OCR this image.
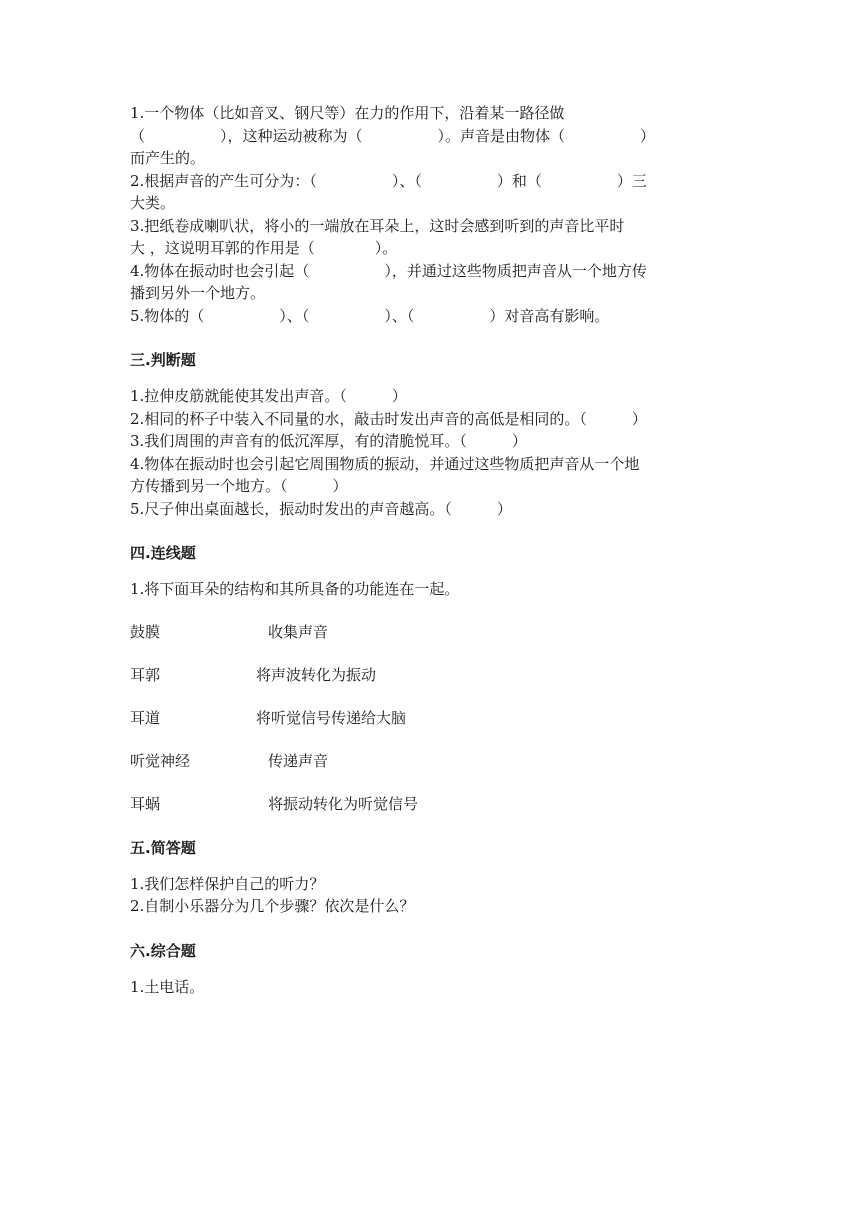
1.一个物体（比如音叉、钢尺等）在力的作用下，沿着某一路径做
（　　　　　），这种运动被称为（　　　　　）。声音是由物体（　　　　　）
而产生的。
2.根据声音的产生可分为：（　　　　　）、（　　　　　）和（　　　　　）三
大类。
3.把纸卷成喇叭状，将小的一端放在耳朵上，这时会感到听到的声音比平时
大 ，这说明耳郭的作用是（　　　　）。
4.物体在振动时也会引起（　　　　　），并通过这些物质把声音从一个地方传
播到另外一个地方。
5.物体的（　　　　　）、（　　　　　）、（　　　　　）对音高有影响。
三.判断题
1.拉伸皮筋就能使其发出声音。（　　　）
2.相同的杯子中装入不同量的水，敲击时发出声音的高低是相同的。（　　　）
3.我们周围的声音有的低沉浑厚，有的清脆悦耳。（　　　）
4.物体在振动时也会引起它周围物质的振动，并通过这些物质把声音从一个地
方传播到另一个地方。（　　　）
5.尺子伸出桌面越长，振动时发出的声音越高。（　　　）
四.连线题
1.将下面耳朵的结构和其所具备的功能连在一起。
鼓膜	收集声音
耳郭	将声波转化为振动
耳道	将听觉信号传递给大脑
听觉神经	传递声音
耳蜗	将振动转化为听觉信号
五.简答题
1.我们怎样保护自己的听力？
2.自制小乐器分为几个步骤？依次是什么？
六.综合题
1.土电话。
